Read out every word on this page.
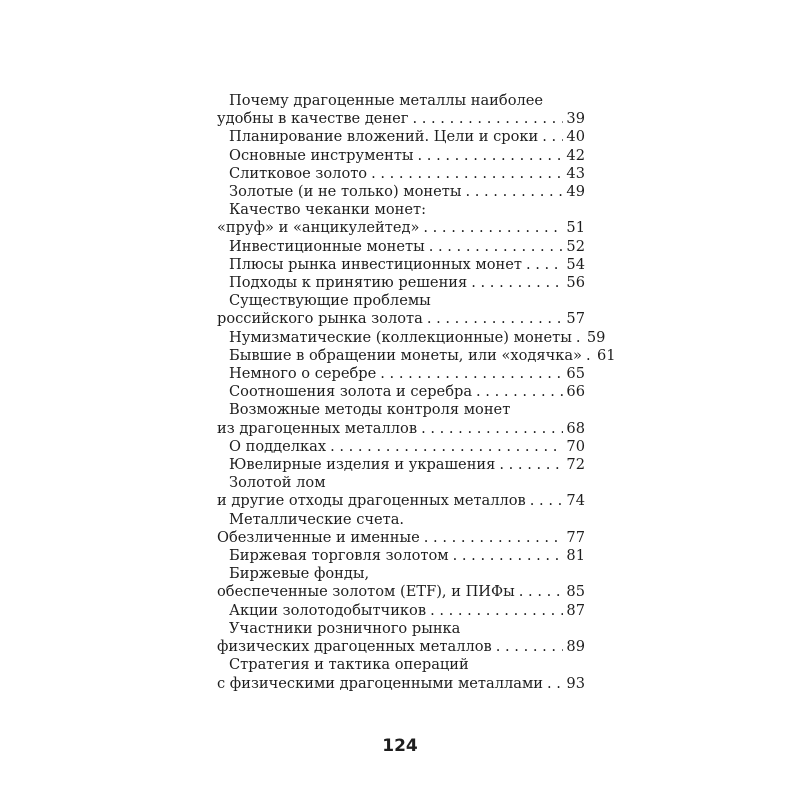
Почему драгоценные металлы наиболее
удобны в качестве денег . . .	39
Планирование вложений. Цели и сроки . . . 40
Основные инструменты . . .	42
Слитковое золото . . .	43
Золотые (и не только) монеты . . .	49
Качество чеканки монет:
«пруф» и «анцикулейтед» . . .	51
Инвестиционные монеты . . .	52
Плюсы рынка инвестиционных монет . . .	54
Подходы к принятию решения . . .	56
Существующие проблемы
российского рынка золота . . .	57
Нумизматические (коллекционные) монеты . . . 59
Бывшие в обращении монеты, или «ходячка» . . . 61
Немного о серебре . . .	65
Соотношения золота и серебра . . .	66
Возможные методы контроля монет
из драгоценных металлов . . .	68
О подделках . . .	70
Ювелирные изделия и украшения . . .	72
Золотой лом
и другие отходы драгоценных металлов . . .	74
Металлические счета.
Обезличенные и именные . . .	77
Биржевая торговля золотом . . .	81
Биржевые фонды,
обеспеченные золотом (ETF), и ПИФы . . .	85
Акции золотодобытчиков . . .	87
Участники розничного рынка
физических драгоценных металлов . . .	89
Стратегия и тактика операций
с физическими драгоценными металлами . . . 93
124
